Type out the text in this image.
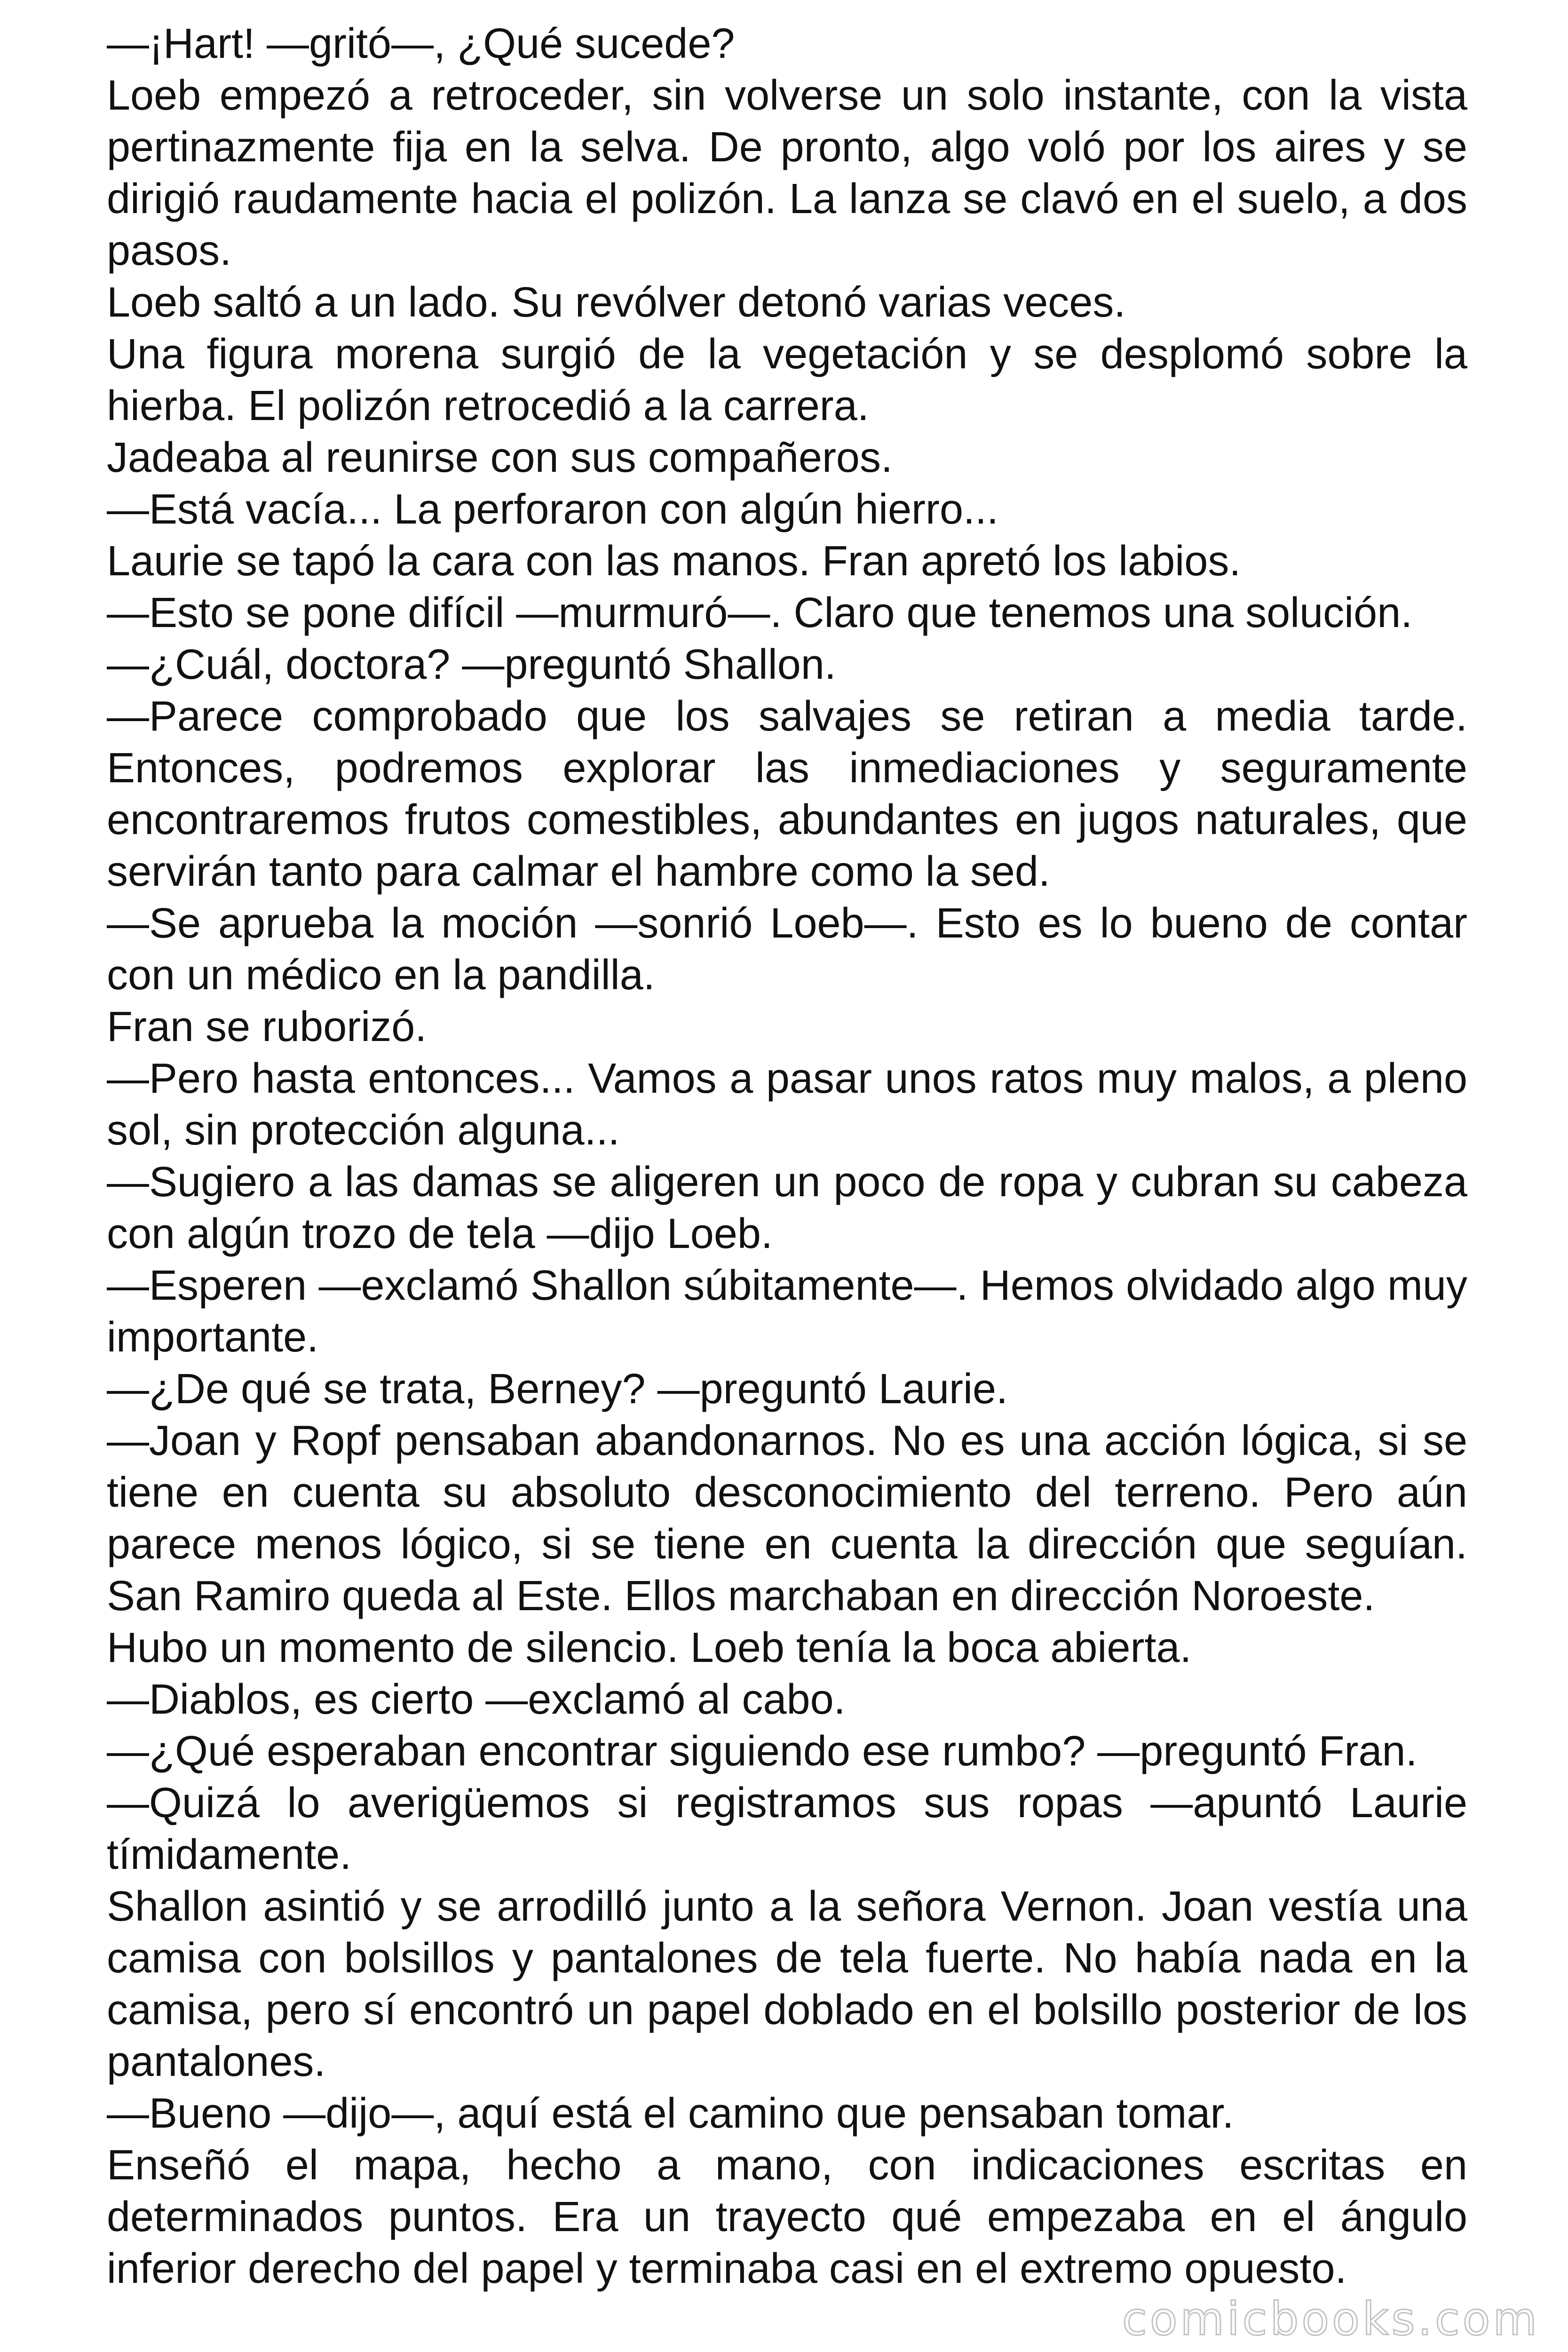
—¡Hart! —gritó—, ¿Qué sucede?

Loeb empezó a retroceder, sin volverse un solo instante, con la vista pertinazmente fija en la selva. De pronto, algo voló por los aires y se dirigió raudamente hacia el polizón. La lanza se clavó en el suelo, a dos pasos.

Loeb saltó a un lado. Su revólver detonó varias veces.

Una figura morena surgió de la vegetación y se desplomó sobre la hierba. El polizón retrocedió a la carrera.

Jadeaba al reunirse con sus compañeros.

—Está vacía... La perforaron con algún hierro...

Laurie se tapó la cara con las manos. Fran apretó los labios.

—Esto se pone difícil —murmuró—. Claro que tenemos una solución.

—¿Cuál, doctora? —preguntó Shallon.

—Parece comprobado que los salvajes se retiran a media tarde. Entonces, podremos explorar las inmediaciones y seguramente encontraremos frutos comestibles, abundantes en jugos naturales, que servirán tanto para calmar el hambre como la sed.

—Se aprueba la moción —sonrió Loeb—. Esto es lo bueno de contar con un médico en la pandilla.

Fran se ruborizó.

—Pero hasta entonces... Vamos a pasar unos ratos muy malos, a pleno sol, sin protección alguna...

—Sugiero a las damas se aligeren un poco de ropa y cubran su cabeza con algún trozo de tela —dijo Loeb.

—Esperen —exclamó Shallon súbitamente—. Hemos olvidado algo muy importante.

—¿De qué se trata, Berney? —preguntó Laurie.

—Joan y Ropf pensaban abandonarnos. No es una acción lógica, si se tiene en cuenta su absoluto desconocimiento del terreno. Pero aún parece menos lógico, si se tiene en cuenta la dirección que seguían. San Ramiro queda al Este. Ellos marchaban en dirección Noroeste.

Hubo un momento de silencio. Loeb tenía la boca abierta.

—Diablos, es cierto —exclamó al cabo.

—¿Qué esperaban encontrar siguiendo ese rumbo? —preguntó Fran.

—Quizá lo averigüemos si registramos sus ropas —apuntó Laurie tímidamente.

Shallon asintió y se arrodilló junto a la señora Vernon. Joan vestía una camisa con bolsillos y pantalones de tela fuerte. No había nada en la camisa, pero sí encontró un papel doblado en el bolsillo posterior de los pantalones.

—Bueno —dijo—, aquí está el camino que pensaban tomar.

Enseñó el mapa, hecho a mano, con indicaciones escritas en determinados puntos. Era un trayecto qué empezaba en el ángulo inferior derecho del papel y terminaba casi en el extremo opuesto.

comicbooks.com
